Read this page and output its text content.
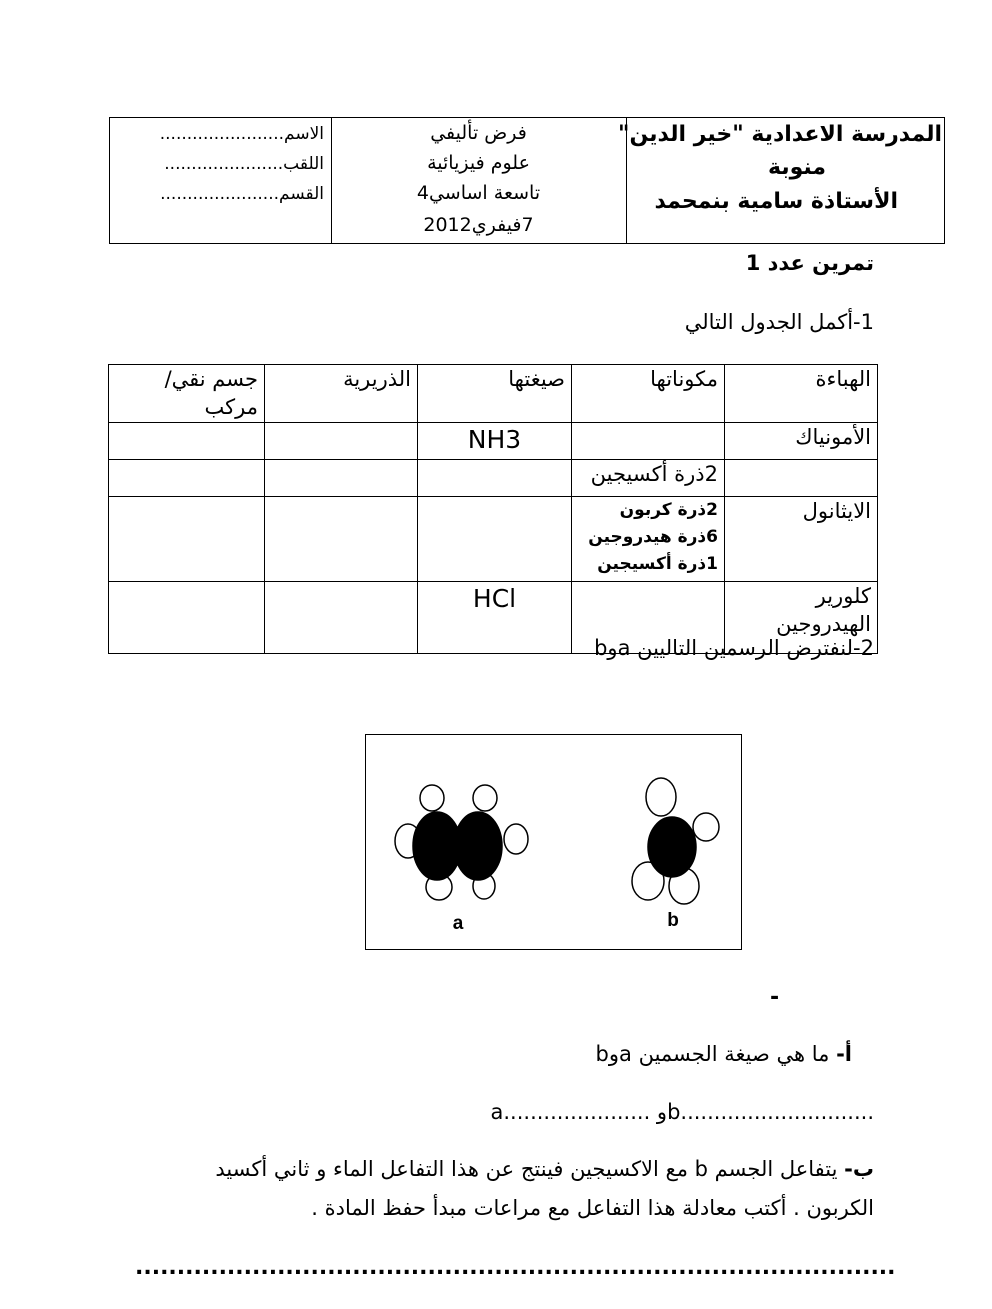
المدرسة الاعدادية "خير الدين"
منوبة
الأستاذة سامية بنمحمد
فرض تأليفي
علوم فيزيائية
تاسعة اساسي4
7فيفري2012
الاسم.......................
اللقب......................
القسم......................
تمرين عدد 1
1-أكمل الجدول التالي
الهباءة	مكوناتها	صيغتها	الذريرية	جسم نقي/مركب
الأمونياك		NH3		
	2ذرة أكسيجين			
الايثانول	2ذرة كربون
6ذرة هيدروجين
1ذرة أكسيجين			

كلورير الهيدروجين		HCl		
2-لنفترض الرسمين التاليين aوb
a	b
-
أ- ما هي صيغة الجسمين aوb
a...................... وb.............................
ب- يتفاعل الجسم b مع الاكسيجين فينتج عن هذا التفاعل الماء و ثاني أكسيد
الكربون . أكتب معادلة هذا التفاعل مع مراعات مبدأ حفظ المادة .
...........................................................................................
